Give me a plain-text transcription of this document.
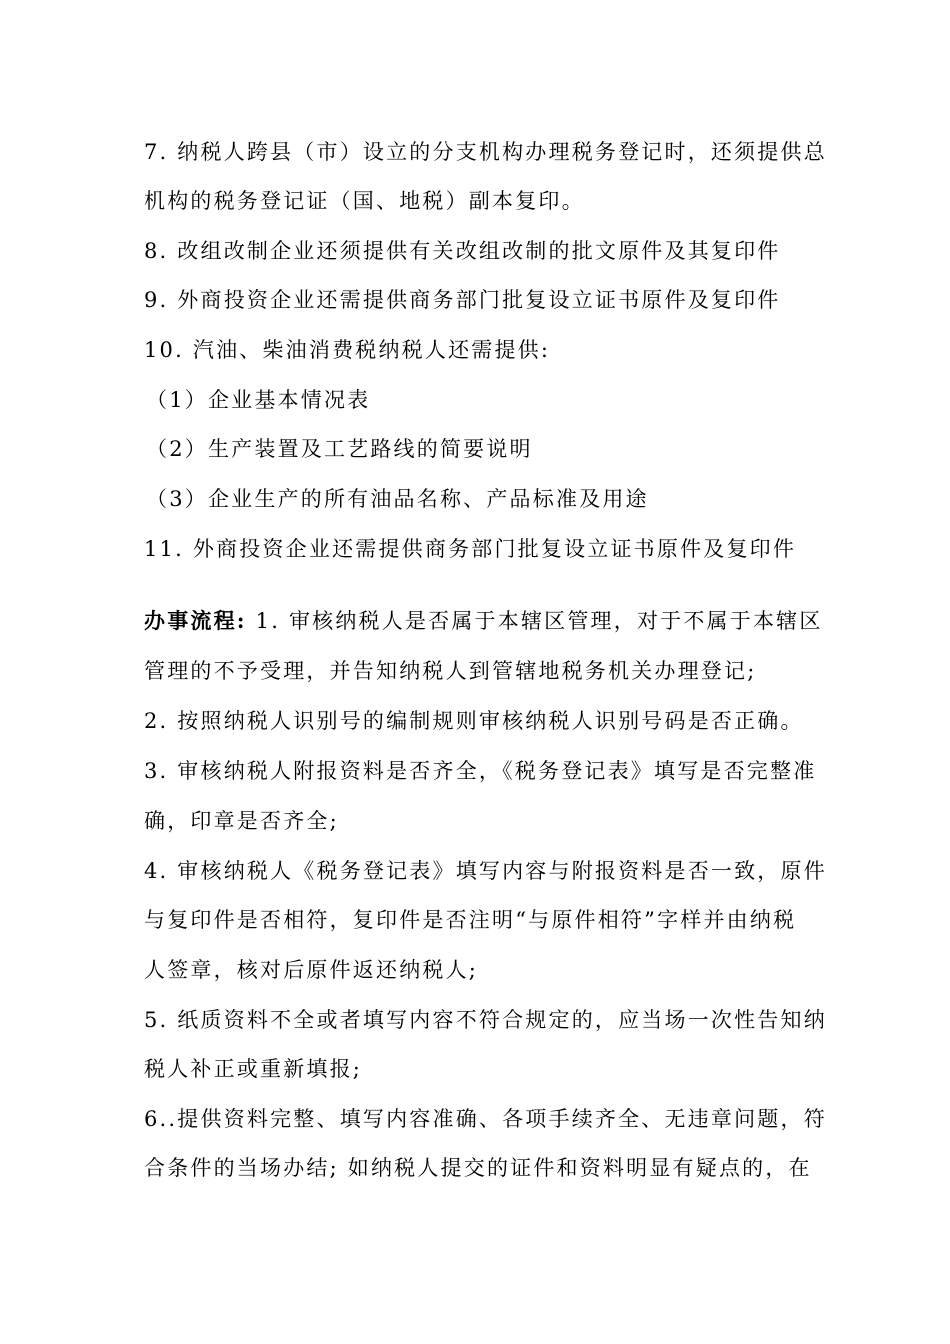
7. 纳税人跨县（市）设立的分支机构办理税务登记时，还须提供总
机构的税务登记证（国、地税）副本复印。
8. 改组改制企业还须提供有关改组改制的批文原件及其复印件
9. 外商投资企业还需提供商务部门批复设立证书原件及复印件
10. 汽油、柴油消费税纳税人还需提供:
（1）企业基本情况表
（2）生产装置及工艺路线的简要说明
（3）企业生产的所有油品名称、产品标准及用途
11. 外商投资企业还需提供商务部门批复设立证书原件及复印件
办事流程: 1. 审核纳税人是否属于本辖区管理，对于不属于本辖区
管理的不予受理，并告知纳税人到管辖地税务机关办理登记;
2. 按照纳税人识别号的编制规则审核纳税人识别号码是否正确。
3. 审核纳税人附报资料是否齐全，《税务登记表》填写是否完整准
确，印章是否齐全;
4. 审核纳税人《税务登记表》填写内容与附报资料是否一致，原件
与复印件是否相符，复印件是否注明“与原件相符”字样并由纳税
人签章，核对后原件返还纳税人;
5. 纸质资料不全或者填写内容不符合规定的，应当场一次性告知纳
税人补正或重新填报;
6..提供资料完整、填写内容准确、各项手续齐全、无违章问题，符
合条件的当场办结; 如纳税人提交的证件和资料明显有疑点的，在
